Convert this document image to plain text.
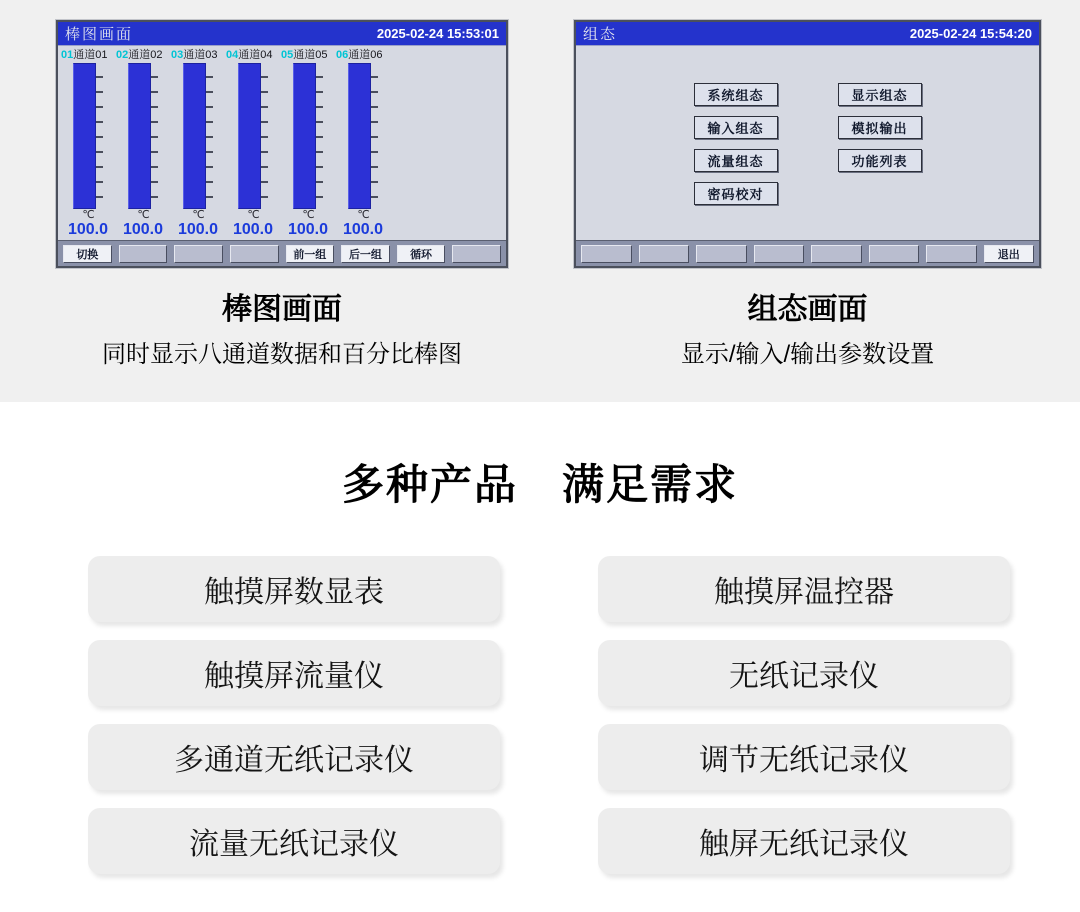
棒图画面	2025-02-24 15:53:01
01通道01
℃
100.0
02通道02
℃
100.0
03通道03
℃
100.0
04通道04
℃
100.0
05通道05
℃
100.0
06通道06
℃
100.0
切换	前一组	后一组	循环
组态	2025-02-24 15:54:20
系统组态
输入组态
流量组态
密码校对
显示组态
模拟输出
功能列表
退出
棒图画面
同时显示八通道数据和百分比棒图
组态画面
显示/输入/输出参数设置
多种产品　满足需求
触摸屏数显表	触摸屏温控器
触摸屏流量仪	无纸记录仪
多通道无纸记录仪	调节无纸记录仪
流量无纸记录仪	触屏无纸记录仪
